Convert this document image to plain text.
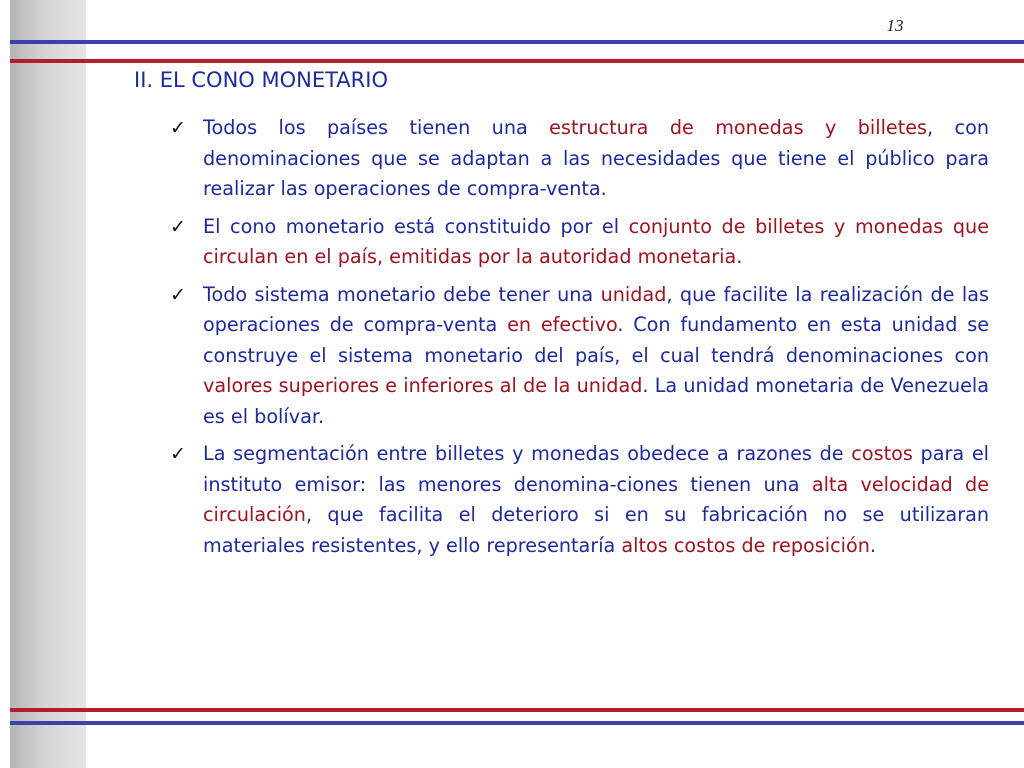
13
II. EL CONO MONETARIO
✓ Todos los países tienen una estructura de monedas y billetes, con denominaciones que se adaptan a las necesidades que tiene el público para realizar las operaciones de compra-venta.
✓ El cono monetario está constituido por el conjunto de billetes y monedas que circulan en el país, emitidas por la autoridad monetaria.
✓ Todo sistema monetario debe tener una unidad, que facilite la realización de las operaciones de compra-venta en efectivo. Con fundamento en esta unidad se construye el sistema monetario del país, el cual tendrá denominaciones con valores superiores e inferiores al de la unidad. La unidad monetaria de Venezuela es el bolívar.
✓ La segmentación entre billetes y monedas obedece a razones de costos para el instituto emisor: las menores denomina-ciones tienen una alta velocidad de circulación, que facilita el deterioro si en su fabricación no se utilizaran materiales resistentes, y ello representaría altos costos de reposición.
